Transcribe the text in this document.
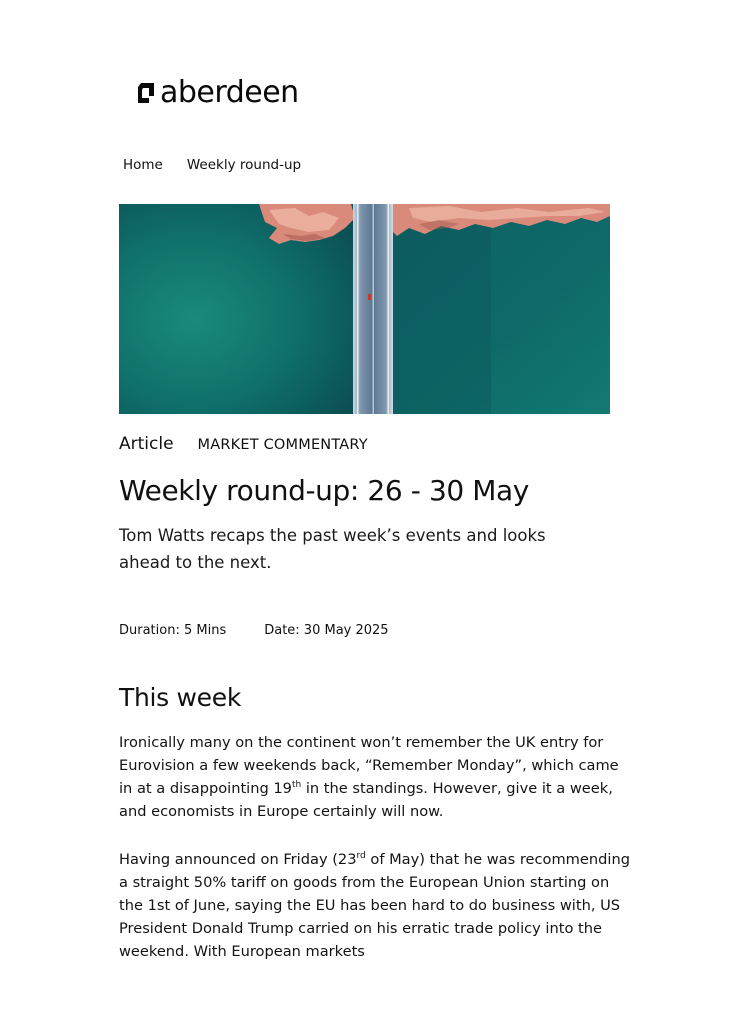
aberdeen
Home Weekly round-up
Article MARKET COMMENTARY
Weekly round-up: 26 - 30 May

Tom Watts recaps the past week’s events and looks ahead to the next.

Duration: 5 Mins	Date: 30 May 2025
This week

Ironically many on the continent won’t remember the UK entry for Eurovision a few weekends back, “Remember Monday”, which came in at a disappointing 19th in the standings. However, give it a week, and economists in Europe certainly will now.

Having announced on Friday (23rd of May) that he was recommending a straight 50% tariff on goods from the European Union starting on the 1st of June, saying the EU has been hard to do business with, US President Donald Trump carried on his erratic trade policy into the weekend. With European markets
